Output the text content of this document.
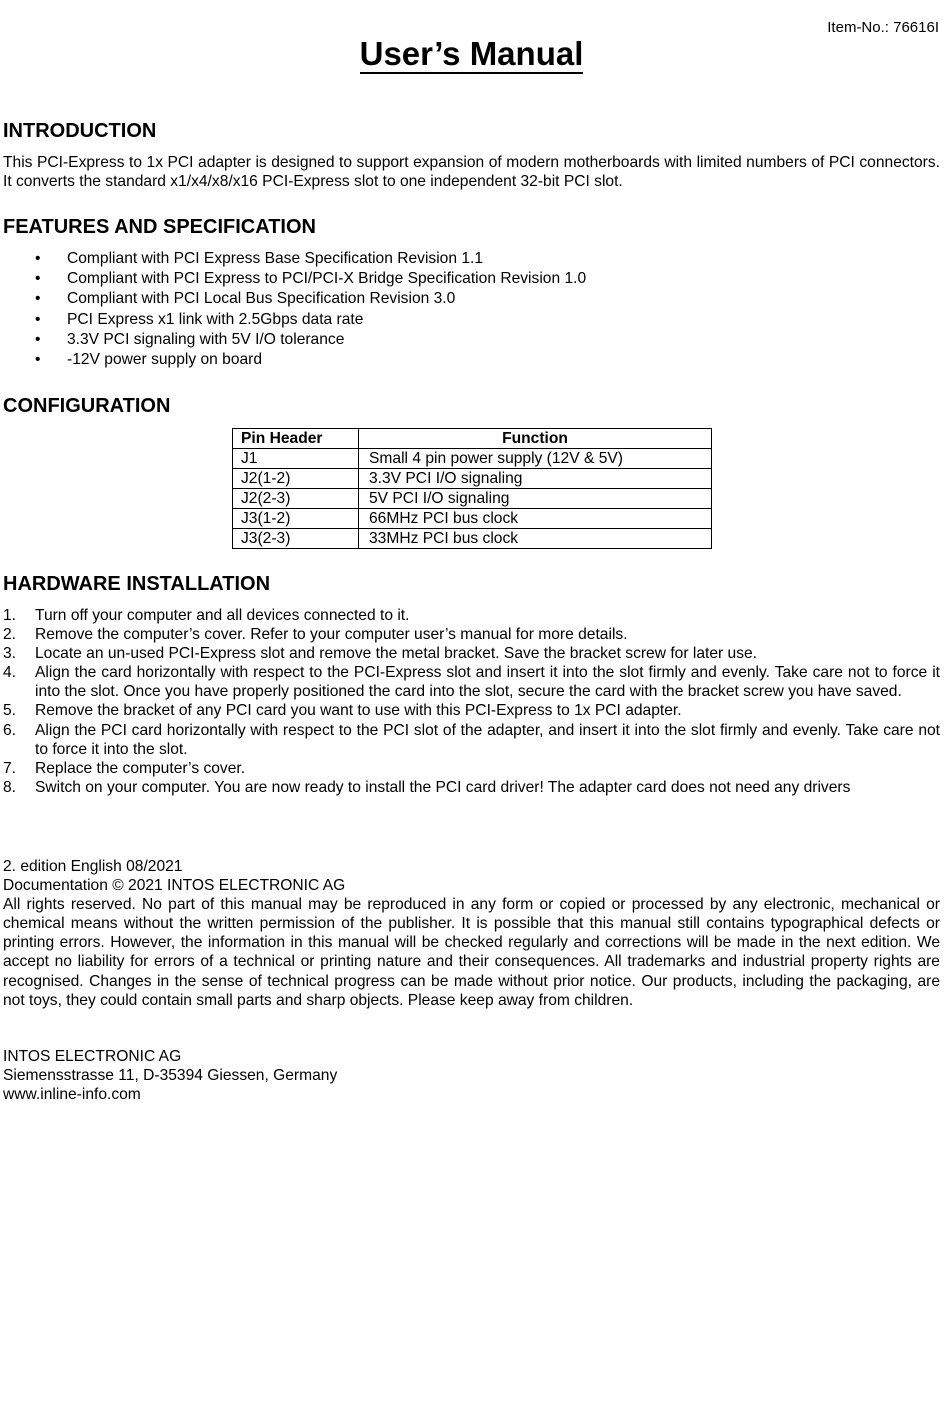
Item-No.: 76616I
User’s Manual
INTRODUCTION
This PCI-Express to 1x PCI adapter is designed to support expansion of modern motherboards with limited numbers of PCI connectors. It converts the standard x1/x4/x8/x16 PCI-Express slot to one independent 32-bit PCI slot.
FEATURES AND SPECIFICATION
• Compliant with PCI Express Base Specification Revision 1.1
• Compliant with PCI Express to PCI/PCI-X Bridge Specification Revision 1.0
• Compliant with PCI Local Bus Specification Revision 3.0
• PCI Express x1 link with 2.5Gbps data rate
• 3.3V PCI signaling with 5V I/O tolerance
• -12V power supply on board
CONFIGURATION
Pin Header	Function
J1	Small 4 pin power supply (12V & 5V)
J2(1-2)	3.3V PCI I/O signaling
J2(2-3)	5V PCI I/O signaling
J3(1-2)	66MHz PCI bus clock
J3(2-3)	33MHz PCI bus clock
HARDWARE INSTALLATION
1. Turn off your computer and all devices connected to it.
2. Remove the computer’s cover. Refer to your computer user’s manual for more details.
3. Locate an un-used PCI-Express slot and remove the metal bracket. Save the bracket screw for later use.
4. Align the card horizontally with respect to the PCI-Express slot and insert it into the slot firmly and evenly. Take care not to force it into the slot. Once you have properly positioned the card into the slot, secure the card with the bracket screw you have saved.
5. Remove the bracket of any PCI card you want to use with this PCI-Express to 1x PCI adapter.
6. Align the PCI card horizontally with respect to the PCI slot of the adapter, and insert it into the slot firmly and evenly. Take care not to force it into the slot.
7. Replace the computer’s cover.
8. Switch on your computer. You are now ready to install the PCI card driver! The adapter card does not need any drivers
2. edition English 08/2021
Documentation © 2021 INTOS ELECTRONIC AG
All rights reserved. No part of this manual may be reproduced in any form or copied or processed by any electronic, mechanical or chemical means without the written permission of the publisher. It is possible that this manual still contains typographical defects or printing errors. However, the information in this manual will be checked regularly and corrections will be made in the next edition. We accept no liability for errors of a technical or printing nature and their consequences. All trademarks and industrial property rights are recognised. Changes in the sense of technical progress can be made without prior notice. Our products, including the packaging, are not toys, they could contain small parts and sharp objects. Please keep away from children.
INTOS ELECTRONIC AG
Siemensstrasse 11, D-35394 Giessen, Germany
www.inline-info.com
